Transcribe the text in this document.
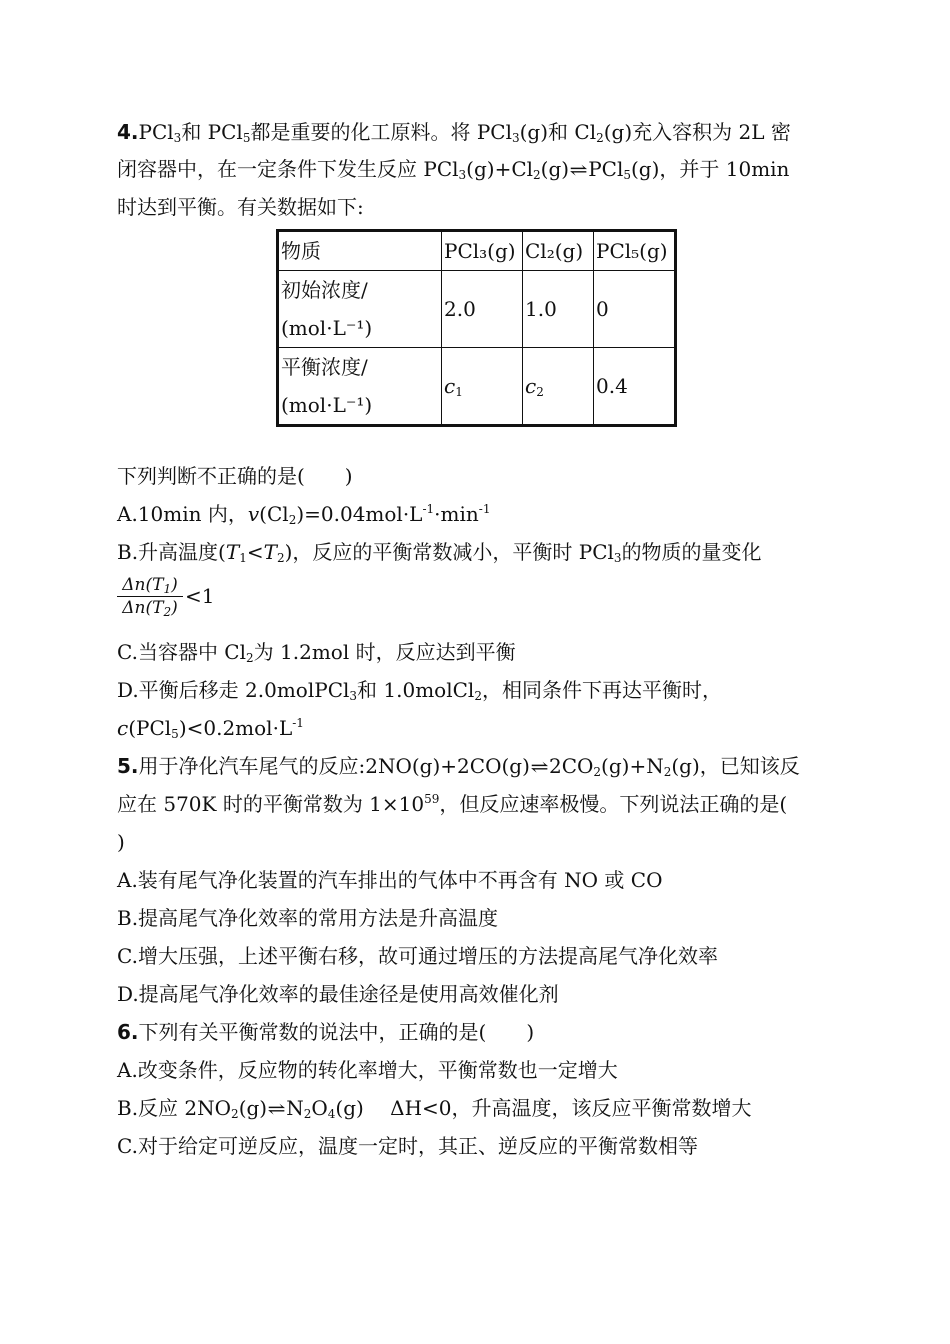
4.PCl$_3$和 PCl$_5$都是重要的化工原料。将 PCl$_3$(g)和 $Cl_2(g)$充入容积为 2L 密
闭容器中，在一定条件下发生反应 $PCl_3(g)+Cl_2(g)\rightleftharpoons PCl_5(g)$，并于 10min
时达到平衡。有关数据如下:
物质	PCl₃(g)	Cl₂(g)	PCl₅(g)

初始浓度/
(mol·L⁻¹)	2.0	1.0	0

平衡浓度/
(mol·L⁻¹)	$c_1$	$c_2$	0.4
下列判断不正确的是(　　)
A.10min 内，$v(Cl_2)=0.04mol\cdot L^{-1}\cdot\min^{-1}$
B.升高温度$(T_1<T_2)$，反应的平衡常数减小，平衡时 PCl$_3$的物质的量变化
$\Delta n(T_1)$
$\Delta n(T_2) <1$
C.当容器中 $Cl_2$为 1.2mol 时，反应达到平衡
D.平衡后移走 2.0molPCl$_3$和 1.0molCl$_2$，相同条件下再达平衡时，
$c(PCl_5)<0.2mol\cdot L^{-1}$
5.用于净化汽车尾气的反应$:2NO(g)+2CO(g)\rightleftharpoons 2CO_2(g)+N_2(g)$，已知该反
应在 570K 时的平衡常数为 $1\times 10^{59}$，但反应速率极慢。下列说法正确的是(
)
A.装有尾气净化装置的汽车排出的气体中不再含有 NO 或 CO
B.提高尾气净化效率的常用方法是升高温度
C.增大压强，上述平衡右移，故可通过增压的方法提高尾气净化效率
D.提高尾气净化效率的最佳途径是使用高效催化剂
6.下列有关平衡常数的说法中，正确的是(　　)
A.改变条件，反应物的转化率增大，平衡常数也一定增大
B.反应 $2NO_2(g)\rightleftharpoons N_2O_4(g)$　 ΔH<0，升高温度，该反应平衡常数增大
C.对于给定可逆反应，温度一定时，其正、逆反应的平衡常数相等
